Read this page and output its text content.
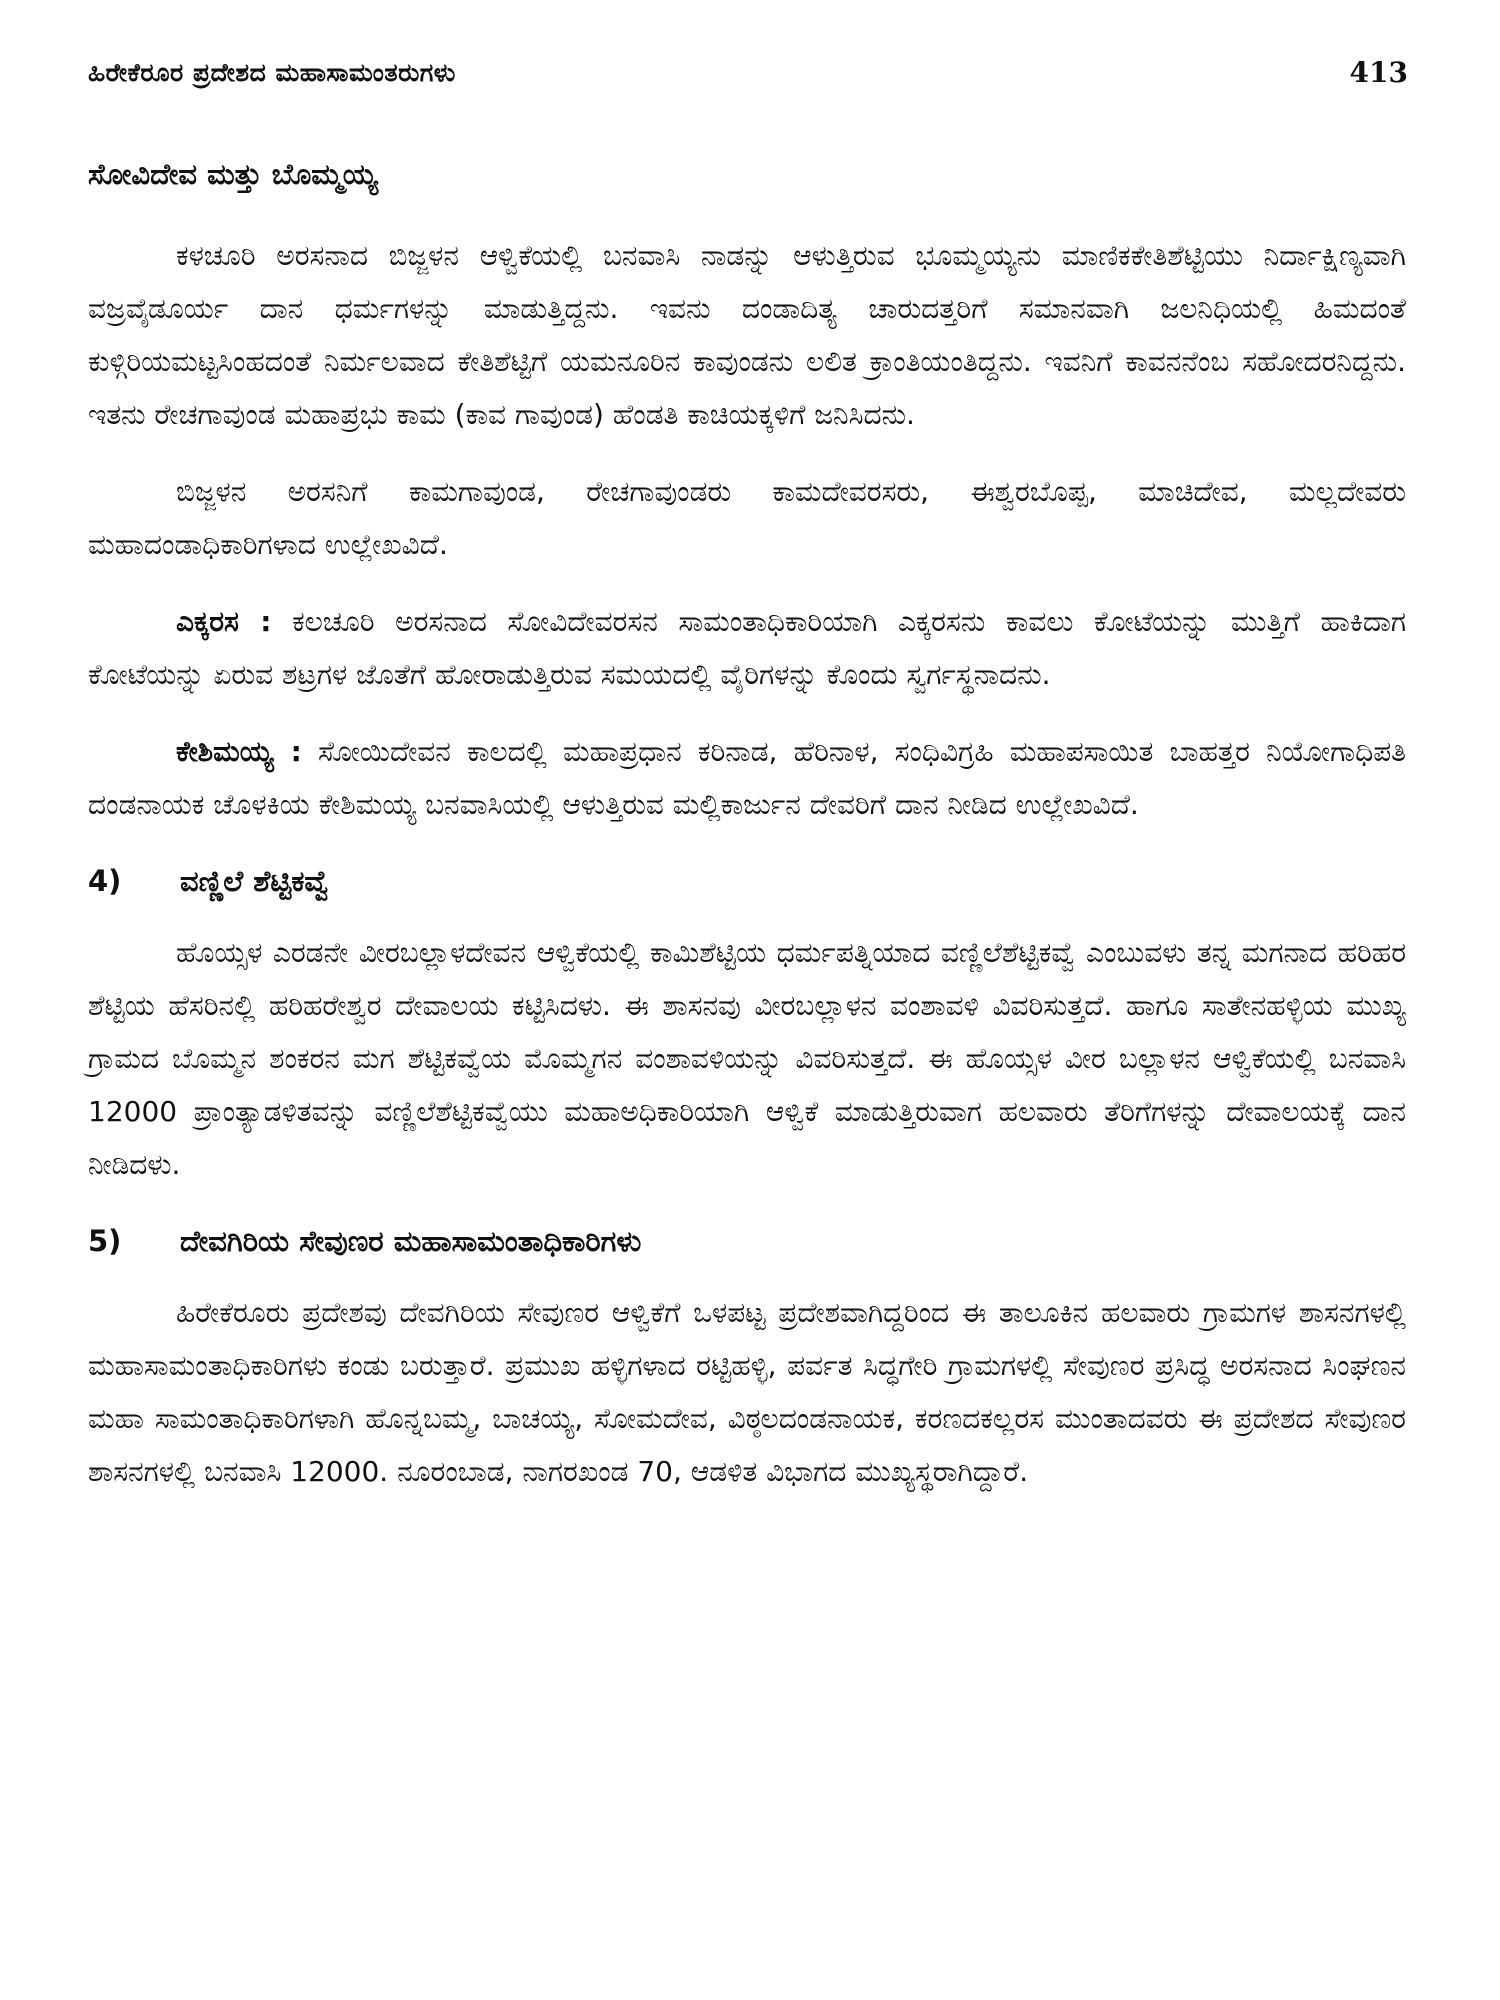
ಹಿರೇಕೆರೂರ ಪ್ರದೇಶದ ಮಹಾಸಾಮಂತರುಗಳು	413
ಸೋವಿದೇವ ಮತ್ತು ಬೊಮ್ಮಯ್ಯ

ಕಳಚೂರಿ ಅರಸನಾದ ಬಿಜ್ಜಳನ ಆಳ್ವಿಕೆಯಲ್ಲಿ ಬನವಾಸಿ ನಾಡನ್ನು ಆಳುತ್ತಿರುವ ಭೂಮ್ಮಯ್ಯನು ಮಾಣಿಕಕೇತಿಶೆಟ್ಟಿಯು ನಿರ್ದಾಕ್ಷಿಣ್ಯವಾಗಿ ವಜ್ರವೈಡೂರ್ಯ ದಾನ ಧರ್ಮಗಳನ್ನು ಮಾಡುತ್ತಿದ್ದನು. ಇವನು ದಂಡಾದಿತ್ಯ ಚಾರುದತ್ತರಿಗೆ ಸಮಾನವಾಗಿ ಜಲನಿಧಿಯಲ್ಲಿ ಹಿಮದಂತೆ ಕುಳ್ಗಿರಿಯಮಟ್ಟಸಿಂಹದಂತೆ ನಿರ್ಮಲವಾದ ಕೇತಿಶೆಟ್ಟಿಗೆ ಯಮನೂರಿನ ಕಾವುಂಡನು ಲಲಿತ ಕ್ರಾಂತಿಯಂತಿದ್ದನು. ಇವನಿಗೆ ಕಾವನನೆಂಬ ಸಹೋದರನಿದ್ದನು. ಇತನು ರೇಚಗಾವುಂಡ ಮಹಾಪ್ರಭು ಕಾಮ (ಕಾವ ಗಾವುಂಡ) ಹೆಂಡತಿ ಕಾಚಿಯಕ್ಕಳಿಗೆ ಜನಿಸಿದನು.

ಬಿಜ್ಜಳನ ಅರಸನಿಗೆ ಕಾಮಗಾವುಂಡ, ರೇಚಗಾವುಂಡರು ಕಾಮದೇವರಸರು, ಈಶ್ವರಬೊಪ್ಪ, ಮಾಚಿದೇವ, ಮಲ್ಲದೇವರು ಮಹಾದಂಡಾಧಿಕಾರಿಗಳಾದ ಉಲ್ಲೇಖವಿದೆ.

ಎಕ್ಕರಸ : ಕಲಚೂರಿ ಅರಸನಾದ ಸೋವಿದೇವರಸನ ಸಾಮಂತಾಧಿಕಾರಿಯಾಗಿ ಎಕ್ಕರಸನು ಕಾವಲು ಕೋಟೆಯನ್ನು ಮುತ್ತಿಗೆ ಹಾಕಿದಾಗ ಕೋಟೆಯನ್ನು ಏರುವ ಶಟ್ರಗಳ ಜೊತೆಗೆ ಹೋರಾಡುತ್ತಿರುವ ಸಮಯದಲ್ಲಿ ವೈರಿಗಳನ್ನು ಕೊಂದು ಸ್ವರ್ಗಸ್ಥನಾದನು.

ಕೇಶಿಮಯ್ಯ : ಸೋಯಿದೇವನ ಕಾಲದಲ್ಲಿ ಮಹಾಪ್ರಧಾನ ಕರಿನಾಡ, ಹೆರಿನಾಳ, ಸಂಧಿವಿಗ್ರಹಿ ಮಹಾಪಸಾಯಿತ ಬಾಹತ್ತರ ನಿಯೋಗಾಧಿಪತಿ ದಂಡನಾಯಕ ಚೊಳಕಿಯ ಕೇಶಿಮಯ್ಯ ಬನವಾಸಿಯಲ್ಲಿ ಆಳುತ್ತಿರುವ ಮಲ್ಲಿಕಾರ್ಜುನ ದೇವರಿಗೆ ದಾನ ನೀಡಿದ ಉಲ್ಲೇಖವಿದೆ.

4)	ವಣ್ಣಿಲೆ ಶೆಟ್ಟಿಕವ್ವೆ

ಹೊಯ್ಸಳ ಎರಡನೇ ವೀರಬಲ್ಲಾಳದೇವನ ಆಳ್ವಿಕೆಯಲ್ಲಿ ಕಾಮಿಶೆಟ್ಟಿಯ ಧರ್ಮಪತ್ನಿಯಾದ ವಣ್ಣಿಲೆಶೆಟ್ಟಿಕವ್ವೆ ಎಂಬುವಳು ತನ್ನ ಮಗನಾದ ಹರಿಹರ ಶೆಟ್ಟಿಯ ಹೆಸರಿನಲ್ಲಿ ಹರಿಹರೇಶ್ವರ ದೇವಾಲಯ ಕಟ್ಟಿಸಿದಳು. ಈ ಶಾಸನವು ವೀರಬಲ್ಲಾಳನ ವಂಶಾವಳಿ ವಿವರಿಸುತ್ತದೆ. ಹಾಗೂ ಸಾತೇನಹಳ್ಳಿಯ ಮುಖ್ಯ ಗ್ರಾಮದ ಬೊಮ್ಮನ ಶಂಕರನ ಮಗ ಶೆಟ್ಟಿಕವ್ವೆಯ ಮೊಮ್ಮಗನ ವಂಶಾವಳಿಯನ್ನು ವಿವರಿಸುತ್ತದೆ. ಈ ಹೊಯ್ಸಳ ವೀರ ಬಲ್ಲಾಳನ ಆಳ್ವಿಕೆಯಲ್ಲಿ ಬನವಾಸಿ 12000 ಪ್ರಾಂತ್ಯಾಡಳಿತವನ್ನು ವಣ್ಣಿಲೆಶೆಟ್ಟಿಕವ್ವೆಯು ಮಹಾಅಧಿಕಾರಿಯಾಗಿ ಆಳ್ವಿಕೆ ಮಾಡುತ್ತಿರುವಾಗ ಹಲವಾರು ತೆರಿಗೆಗಳನ್ನು ದೇವಾಲಯಕ್ಕೆ ದಾನ ನೀಡಿದಳು.

5)	ದೇವಗಿರಿಯ ಸೇವುಣರ ಮಹಾಸಾಮಂತಾಧಿಕಾರಿಗಳು

ಹಿರೇಕೆರೂರು ಪ್ರದೇಶವು ದೇವಗಿರಿಯ ಸೇವುಣರ ಆಳ್ವಿಕೆಗೆ ಒಳಪಟ್ಟ ಪ್ರದೇಶವಾಗಿದ್ದರಿಂದ ಈ ತಾಲೂಕಿನ ಹಲವಾರು ಗ್ರಾಮಗಳ ಶಾಸನಗಳಲ್ಲಿ ಮಹಾಸಾಮಂತಾಧಿಕಾರಿಗಳು ಕಂಡು ಬರುತ್ತಾರೆ. ಪ್ರಮುಖ ಹಳ್ಳಿಗಳಾದ ರಟ್ಟಿಹಳ್ಳಿ, ಪರ್ವತ ಸಿದ್ಧಗೇರಿ ಗ್ರಾಮಗಳಲ್ಲಿ ಸೇವುಣರ ಪ್ರಸಿದ್ಧ ಅರಸನಾದ ಸಿಂಘಣನ ಮಹಾ ಸಾಮಂತಾಧಿಕಾರಿಗಳಾಗಿ ಹೊನ್ನಬಮ್ಮ, ಬಾಚಯ್ಯ, ಸೋಮದೇವ, ವಿಠ್ಠಲದಂಡನಾಯಕ, ಕರಣದಕಲ್ಲರಸ ಮುಂತಾದವರು ಈ ಪ್ರದೇಶದ ಸೇವುಣರ ಶಾಸನಗಳಲ್ಲಿ ಬನವಾಸಿ 12000. ನೂರಂಬಾಡ, ನಾಗರಖಂಡ 70, ಆಡಳಿತ ವಿಭಾಗದ ಮುಖ್ಯಸ್ಥರಾಗಿದ್ದಾರೆ.
